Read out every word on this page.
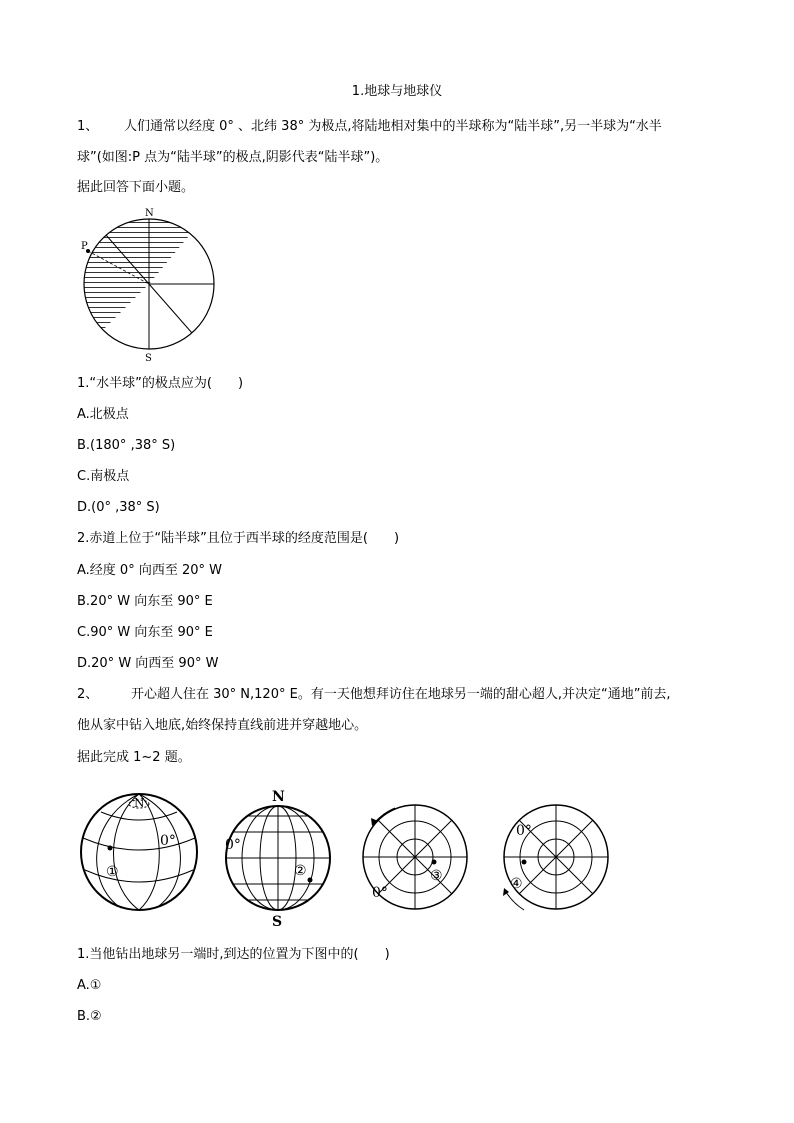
1.地球与地球仪
1、 人们通常以经度 0° 、北纬 38° 为极点,将陆地相对集中的半球称为“陆半球”,另一半球为“水半
球”(如图:P 点为“陆半球”的极点,阴影代表“陆半球”)。
据此回答下面小题。
N
S
P
1.“水半球”的极点应为(　　)
A.北极点
B.(180° ,38° S)
C.南极点
D.(0° ,38° S)
2.赤道上位于“陆半球”且位于西半球的经度范围是(　　)
A.经度 0° 向西至 20° W
B.20° W 向东至 90° E
C.90° W 向东至 90° E
D.20° W 向西至 90° W
2、	开心超人住在 30° N,120° E。有一天他想拜访住在地球另一端的甜心超人,并决定“通地”前去,
他从家中钻入地底,始终保持直线前进并穿越地心。
据此完成 1~2 题。
N
0°
①
N
S
0°
②
0°
③
0°
④
1.当他钻出地球另一端时,到达的位置为下图中的(　　)
A.①
B.②
